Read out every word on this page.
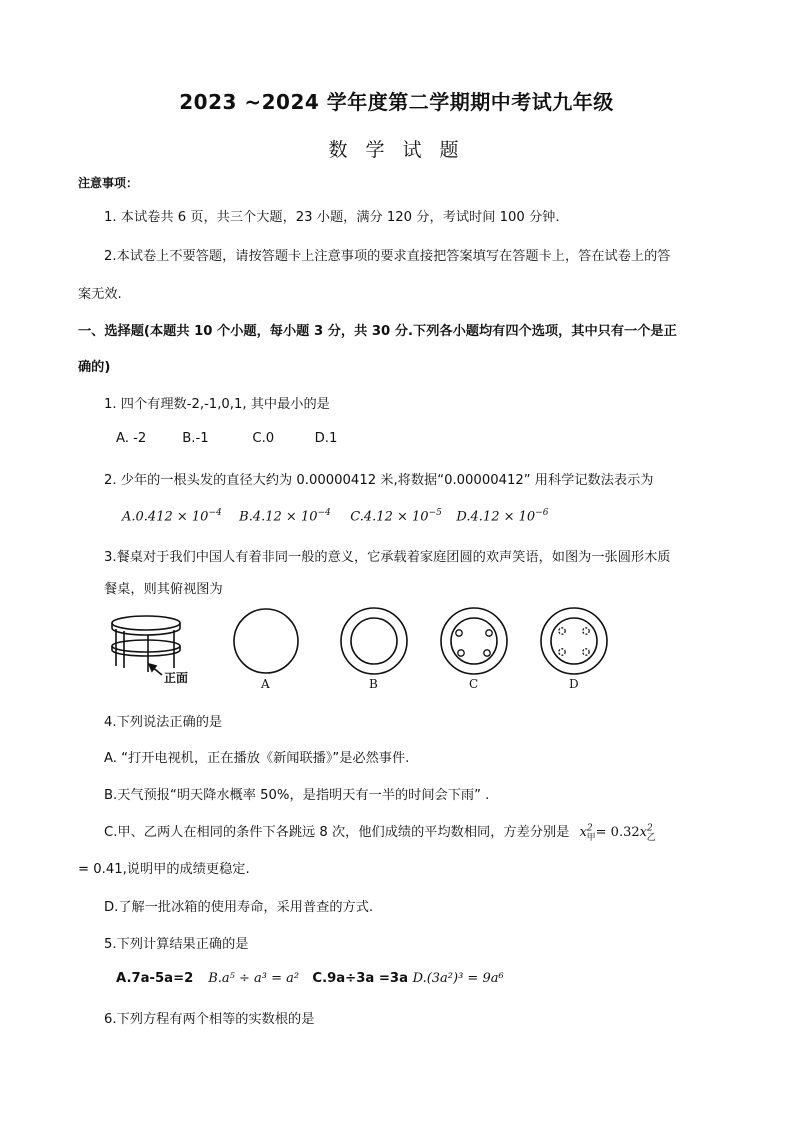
2023 ~2024 学年度第二学期期中考试九年级
数 学 试 题
注意事项：
1. 本试卷共 6 页，共三个大题，23 小题，满分 120 分，考试时间 100 分钟.
2.本试卷上不要答题，请按答题卡上注意事项的要求直接把答案填写在答题卡上，答在试卷上的答
案无效.
一、选择题(本题共 10 个小题，每小题 3 分，共 30 分.下列各小题均有四个选项，其中只有一个是正
确的)
1. 四个有理数-2,-1,0,1, 其中最小的是
A. -2	B.-1	C.0	D.1
2. 少年的一根头发的直径大约为 0.00000412 米,将数据“0.00000412” 用科学记数法表示为
$A.0.412 \times 10^{-4}$ $B.4.12 \times 10^{-4}$ $C.4.12 \times 10^{-5}$ $D.4.12 \times 10^{-6}$
3.餐桌对于我们中国人有着非同一般的意义，它承载着家庭团圆的欢声笑语，如图为一张圆形木质
餐桌，则其俯视图为
正面	A	B	C	D
4.下列说法正确的是
A. “打开电视机，正在播放《新闻联播》”是必然事件.
B.天气预报“明天降水概率 50%，是指明天有一半的时间会下雨” .
C.甲、乙两人在相同的条件下各跳远 8 次，他们成绩的平均数相同，方差分别是 $x^2_甲= 0.32x^2_乙$
= 0.41,说明甲的成绩更稳定.
D.了解一批冰箱的使用寿命，采用普查的方式.
5.下列计算结果正确的是
A.7a-5a=2 B.a⁵ ÷ a³ = a² C.9a÷3a =3a D.(3a²)³ = 9a⁶
6.下列方程有两个相等的实数根的是
